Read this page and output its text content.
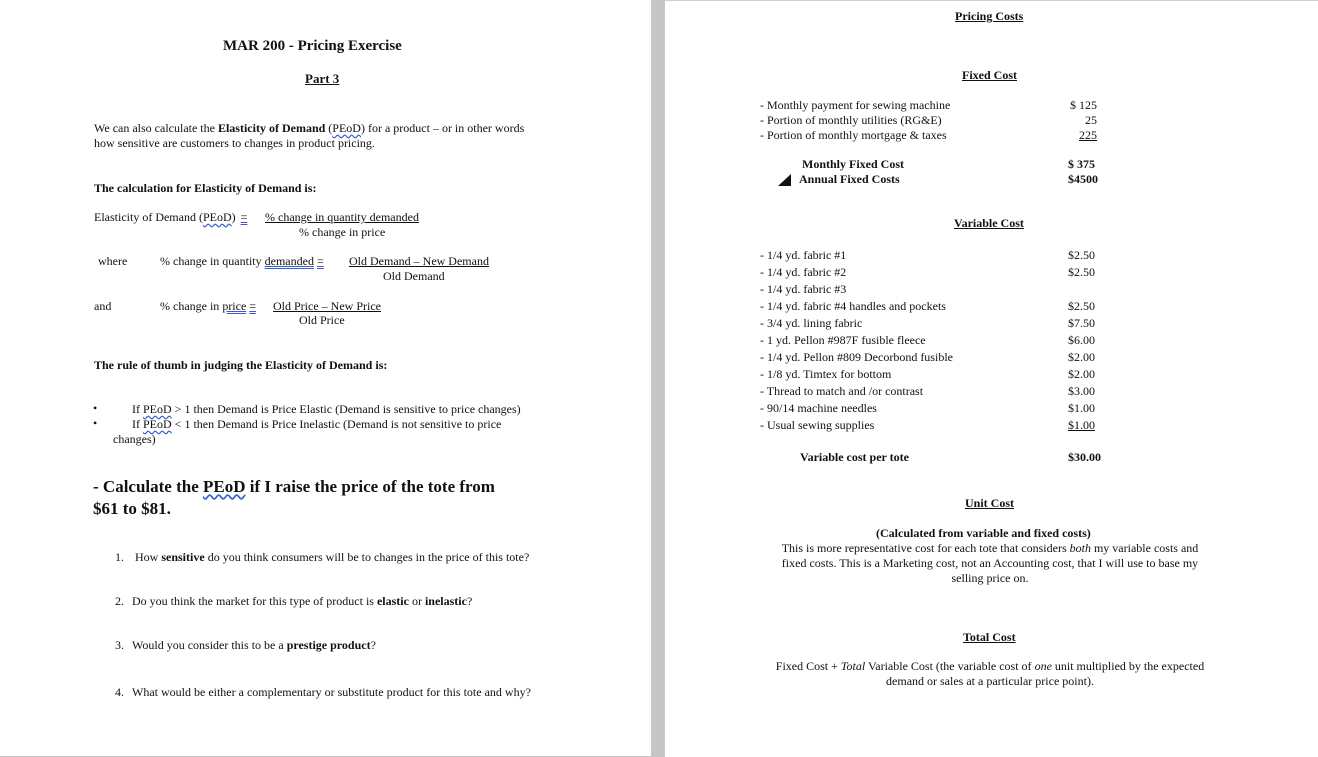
MAR 200 - Pricing Exercise
Part 3
We can also calculate the Elasticity of Demand (PEoD) for a product – or in other words
how sensitive are customers to changes in product pricing.
The calculation for Elasticity of Demand is:
Elasticity of Demand (PEoD) = % change in quantity demanded
% change in price
where	% change in quantity demanded = Old Demand – New Demand
Old Demand
and	% change in price = Old Price – New Price
Old Price
The rule of thumb in judging the Elasticity of Demand is:
•	If PEoD > 1 then Demand is Price Elastic (Demand is sensitive to price changes)
•	If PEoD < 1 then Demand is Price Inelastic (Demand is not sensitive to price
changes)
- Calculate the PEoD if I raise the price of the tote from
$61 to $81.
1. How sensitive do you think consumers will be to changes in the price of this tote?
2. Do you think the market for this type of product is elastic or inelastic?
3. Would you consider this to be a prestige product?
4. What would be either a complementary or substitute product for this tote and why?
Pricing Costs
Fixed Cost
- Monthly payment for sewing machine	$ 125
- Portion of monthly utilities (RG&E)	25
- Portion of monthly mortgage & taxes	225
Monthly Fixed Cost	$ 375
Annual Fixed Costs	$4500
Variable Cost
- 1/4 yd. fabric #1	$2.50
- 1/4 yd. fabric #2	$2.50
- 1/4 yd. fabric #3
- 1/4 yd. fabric #4 handles and pockets	$2.50
- 3/4 yd. lining fabric	$7.50
- 1 yd. Pellon #987F fusible fleece	$6.00
- 1/4 yd. Pellon #809 Decorbond fusible	$2.00
- 1/8 yd. Timtex for bottom	$2.00
- Thread to match and /or contrast	$3.00
- 90/14 machine needles	$1.00
- Usual sewing supplies	$1.00
Variable cost per tote	$30.00
Unit Cost
(Calculated from variable and fixed costs)
This is more representative cost for each tote that considers both my variable costs and
fixed costs. This is a Marketing cost, not an Accounting cost, that I will use to base my
selling price on.
Total Cost
Fixed Cost + Total Variable Cost (the variable cost of one unit multiplied by the expected
demand or sales at a particular price point).
